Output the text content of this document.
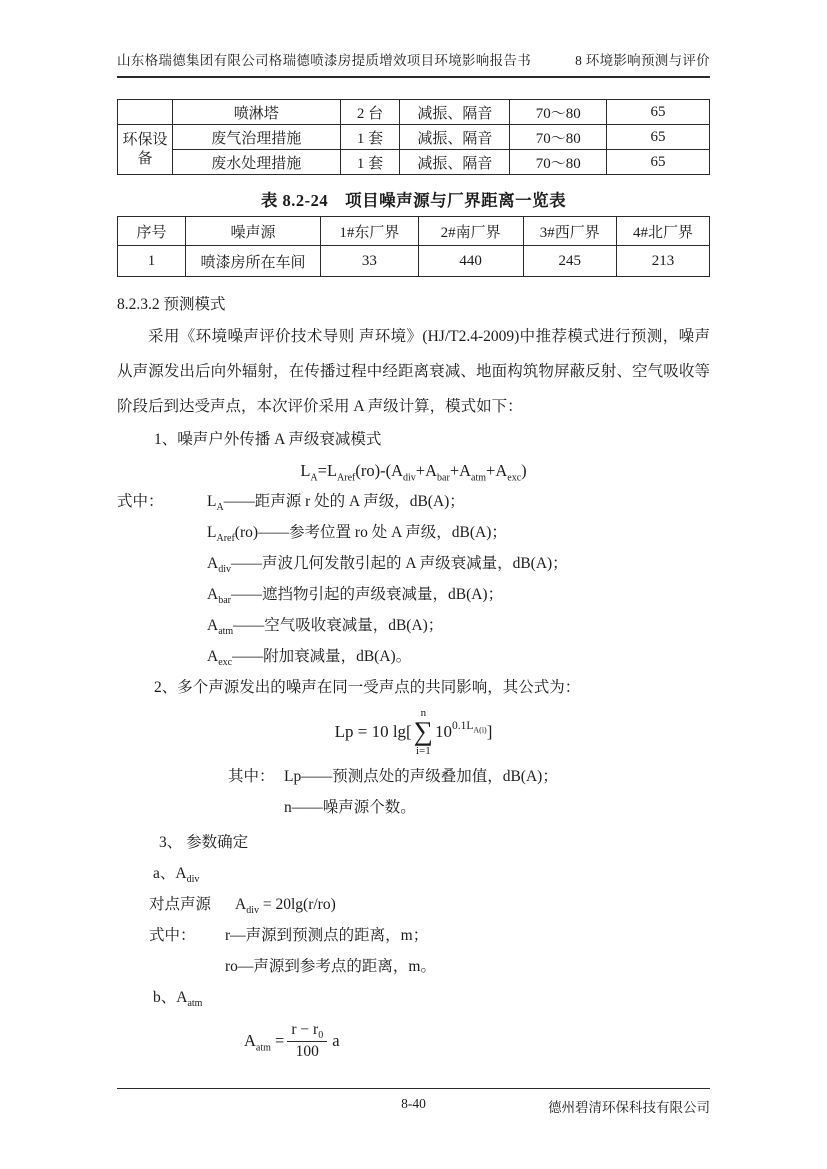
山东格瑞德集团有限公司格瑞德喷漆房提质增效项目环境影响报告书	8 环境影响预测与评价
	喷淋塔	2 台	减振、隔音	70～80	65
环保设备	废气治理措施	1 套	减振、隔音	70～80	65
	废水处理措施	1 套	减振、隔音	70～80	65
表 8.2-24　项目噪声源与厂界距离一览表
序号	噪声源	1#东厂界	2#南厂界	3#西厂界	4#北厂界
1	喷漆房所在车间	33	440	245	213
8.2.3.2 预测模式

采用《环境噪声评价技术导则 声环境》(HJ/T2.4-2009)中推荐模式进行预测，噪声从声源发出后向外辐射，在传播过程中经距离衰减、地面构筑物屏蔽反射、空气吸收等阶段后到达受声点，本次评价采用 A 声级计算，模式如下：

1、噪声户外传播 A 声级衰减模式
$L_A=L_{Aref}(ro)-(A_{div}+A_{bar}+A_{atm}+A_{exc})$
式中：	$L_A——$距声源 r 处的 A 声级，dB(A)；
$L_{Aref}(ro)——$参考位置 ro 处 A 声级，dB(A)；
$A_{div}——$声波几何发散引起的 A 声级衰减量，dB(A)；
$A_{bar}——$遮挡物引起的声级衰减量，dB(A)；
$A_{atm}——$空气吸收衰减量，dB(A)；
$A_{exc}——$附加衰减量，dB(A)。
2、多个声源发出的噪声在同一受声点的共同影响，其公式为：
Lp = 10 lg[
n
∑
i=1
$10^{0.1L_{A(i)}}$ ]
其中： Lp——预测点处的声级叠加值，dB(A)；
n——噪声源个数。
3、 参数确定
a、$A_{div}$
对点声源 $A_{div} = 20\lg(r/ro)$
式中：	r—声源到预测点的距离，m；
ro—声源到参考点的距离，m。
b、$A_{atm}$
$A_{atm} = \frac{r - r_0}{100}$ a
8-40	德州碧清环保科技有限公司
